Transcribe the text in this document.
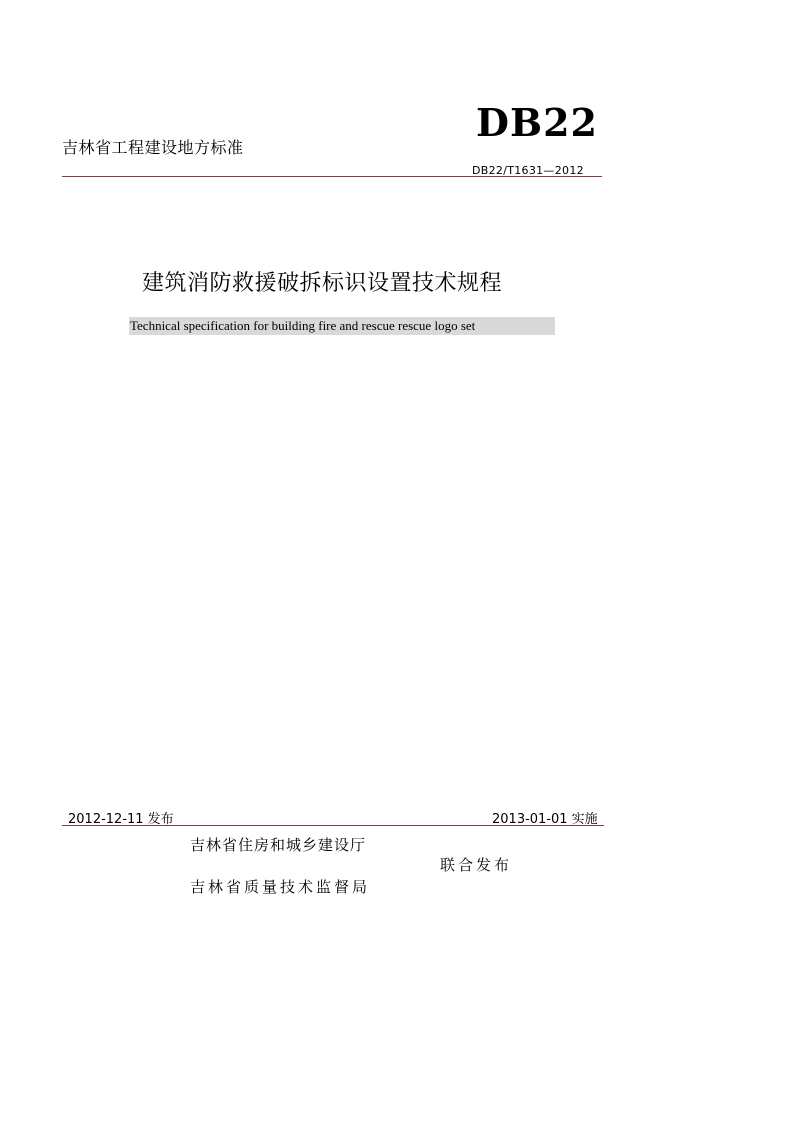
吉林省工程建设地方标准
DB22
DB22/T1631—2012
建筑消防救援破拆标识设置技术规程
Technical specification for building fire and rescue rescue logo set
2012-12-11 发布	2013-01-01 实施
吉林省住房和城乡建设厅
联合发布
吉林省质量技术监督局
